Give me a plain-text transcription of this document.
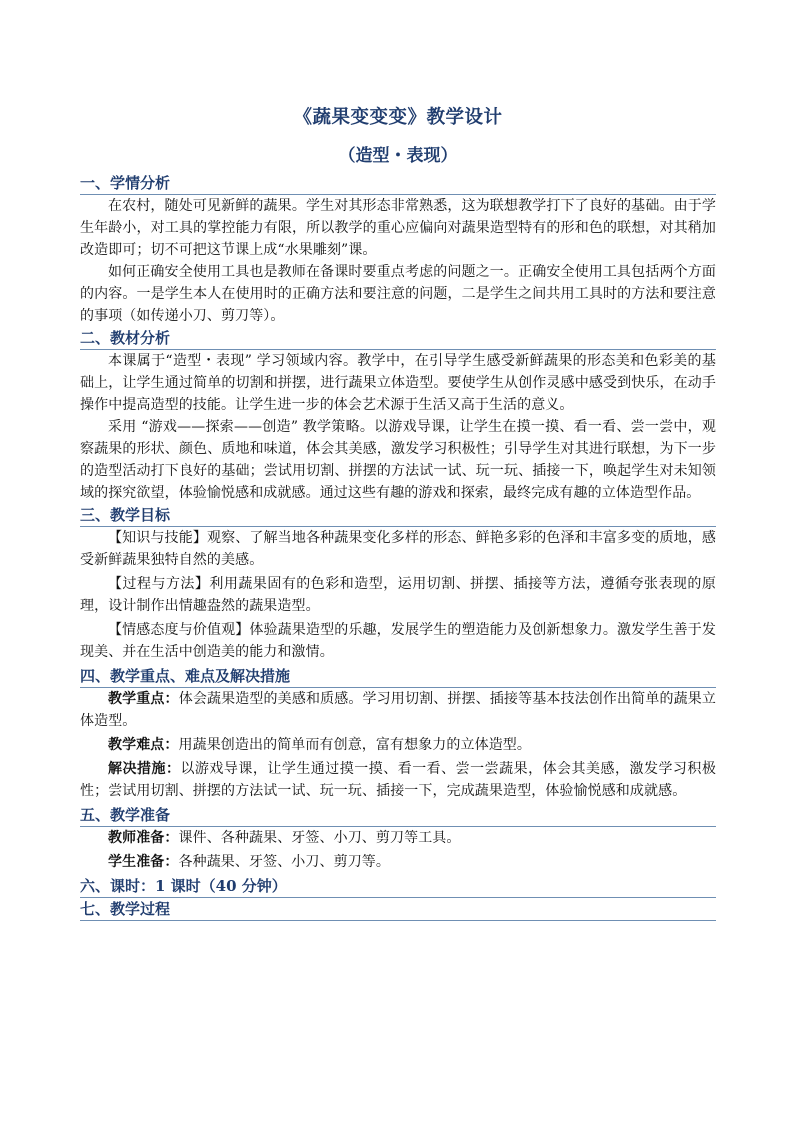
《蔬果变变变》教学设计
（造型・表现）
一、学情分析
在农村，随处可见新鲜的蔬果。学生对其形态非常熟悉，这为联想教学打下了良好的基础。由于学生年龄小，对工具的掌控能力有限，所以教学的重心应偏向对蔬果造型特有的形和色的联想，对其稍加改造即可；切不可把这节课上成“水果雕刻”课。
如何正确安全使用工具也是教师在备课时要重点考虑的问题之一。正确安全使用工具包括两个方面的内容。一是学生本人在使用时的正确方法和要注意的问题，二是学生之间共用工具时的方法和要注意的事项（如传递小刀、剪刀等）。
二、教材分析
本课属于“造型・表现” 学习领域内容。教学中，在引导学生感受新鲜蔬果的形态美和色彩美的基础上，让学生通过简单的切割和拼摆，进行蔬果立体造型。要使学生从创作灵感中感受到快乐，在动手操作中提高造型的技能。让学生进一步的体会艺术源于生活又高于生活的意义。
采用 “游戏——探索——创造” 教学策略。以游戏导课，让学生在摸一摸、看一看、尝一尝中，观察蔬果的形状、颜色、质地和味道，体会其美感，激发学习积极性；引导学生对其进行联想，为下一步的造型活动打下良好的基础；尝试用切割、拼摆的方法试一试、玩一玩、插接一下，唤起学生对未知领域的探究欲望，体验愉悦感和成就感。通过这些有趣的游戏和探索，最终完成有趣的立体造型作品。
三、教学目标
【知识与技能】观察、了解当地各种蔬果变化多样的形态、鲜艳多彩的色泽和丰富多变的质地，感受新鲜蔬果独特自然的美感。
【过程与方法】利用蔬果固有的色彩和造型，运用切割、拼摆、插接等方法，遵循夸张表现的原理，设计制作出情趣盎然的蔬果造型。
【情感态度与价值观】体验蔬果造型的乐趣，发展学生的塑造能力及创新想象力。激发学生善于发现美、并在生活中创造美的能力和激情。
四、教学重点、难点及解决措施
教学重点：体会蔬果造型的美感和质感。学习用切割、拼摆、插接等基本技法创作出简单的蔬果立体造型。
教学难点：用蔬果创造出的简单而有创意，富有想象力的立体造型。
解决措施：以游戏导课，让学生通过摸一摸、看一看、尝一尝蔬果，体会其美感，激发学习积极性；尝试用切割、拼摆的方法试一试、玩一玩、插接一下，完成蔬果造型，体验愉悦感和成就感。
五、教学准备
教师准备：课件、各种蔬果、牙签、小刀、剪刀等工具。
学生准备：各种蔬果、牙签、小刀、剪刀等。
六、课时：1 课时（40 分钟）
七、教学过程
